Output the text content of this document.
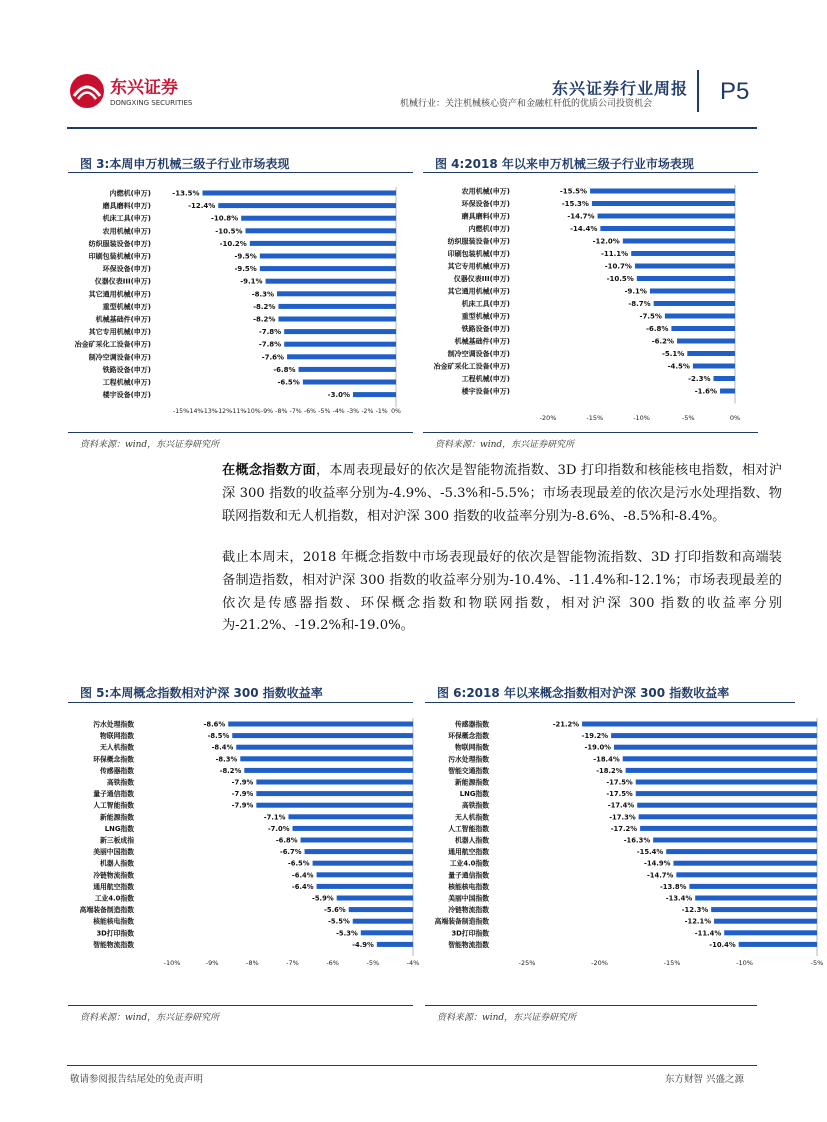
东兴证券
DONGXING SECURITIES
东兴证券行业周报
机械行业：关注机械核心资产和金融杠杆低的优质公司投资机会	P5
图 3:本周申万机械三级子行业市场表现
内燃机(申万)	-13.5%
磨具磨料(申万)	-12.4%
机床工具(申万)	-10.8%
农用机械(申万)	-10.5%
纺织服装设备(申万)	-10.2%
印刷包装机械(申万)	-9.5%
环保设备(申万)	-9.5%
仪器仪表III(申万)	-9.1%
其它通用机械(申万)	-8.3%
重型机械(申万)	-8.2%
机械基础件(申万)	-8.2%
其它专用机械(申万)	-7.8%
冶金矿采化工设备(申万)	-7.8%
制冷空调设备(申万)	-7.6%
铁路设备(申万)	-6.8%
工程机械(申万)	-6.5%
楼宇设备(申万)	-3.0%
-15%
-14%
-13%
-12%
-11%
-10% -9% -8% -7% -6% -5% -4% -3% -2% -1% 0%
资料来源：wind，东兴证券研究所
图 4:2018 年以来申万机械三级子行业市场表现
农用机械(申万)	-15.5%
环保设备(申万)	-15.3%
磨具磨料(申万)	-14.7%
内燃机(申万)	-14.4%
纺织服装设备(申万)	-12.0%
印刷包装机械(申万)	-11.1%
其它专用机械(申万)	-10.7%
仪器仪表III(申万)	-10.5%
其它通用机械(申万)	-9.1%
机床工具(申万)	-8.7%
重型机械(申万)	-7.5%
铁路设备(申万)	-6.8%
机械基础件(申万)	-6.2%
制冷空调设备(申万)	-5.1%
冶金矿采化工设备(申万)	-4.5%
工程机械(申万)	-2.3%
楼宇设备(申万)	-1.6%
-20%	-15%	-10%	-5%	0%
资料来源：wind，东兴证券研究所
在概念指数方面，本周表现最好的依次是智能物流指数、3D 打印指数和核能核电指数，相对沪深 300 指数的收益率分别为-4.9%、-5.3%和-5.5%；市场表现最差的依次是污水处理指数、物联网指数和无人机指数，相对沪深 300 指数的收益率分别为-8.6%、-8.5%和-8.4%。
截止本周末，2018 年概念指数中市场表现最好的依次是智能物流指数、3D 打印指数和高端装备制造指数，相对沪深 300 指数的收益率分别为-10.4%、-11.4%和-12.1%；市场表现最差的依次是传感器指数、环保概念指数和物联网指数，相对沪深 300 指数的收益率分别为-21.2%、-19.2%和-19.0%。
图 5:本周概念指数相对沪深 300 指数收益率
污水处理指数	-8.6%
物联网指数	-8.5%
无人机指数	-8.4%
环保概念指数	-8.3%
传感器指数	-8.2%
高铁指数	-7.9%
量子通信指数	-7.9%
人工智能指数	-7.9%
新能源指数	-7.1%
LNG指数	-7.0%
新三板成指	-6.8%
美丽中国指数	-6.7%
机器人指数	-6.5%
冷链物流指数	-6.4%
通用航空指数	-6.4%
工业4.0指数	-5.9%
高端装备制造指数	-5.6%
核能核电指数	-5.5%
3D打印指数	-5.3%
智能物流指数	-4.9%
-10%	-9%	-8%	-7%	-6%	-5%	-4%
资料来源：wind，东兴证券研究所
图 6:2018 年以来概念指数相对沪深 300 指数收益率
传感器指数	-21.2%
环保概念指数	-19.2%
物联网指数	-19.0%
污水处理指数	-18.4%
智能交通指数	-18.2%
新能源指数	-17.5%
LNG指数	-17.5%
高铁指数	-17.4%
无人机指数	-17.3%
人工智能指数	-17.2%
机器人指数	-16.3%
通用航空指数	-15.4%
工业4.0指数	-14.9%
量子通信指数	-14.7%
核能核电指数	-13.8%
美丽中国指数	-13.4%
冷链物流指数	-12.3%
高端装备制造指数	-12.1%
3D打印指数	-11.4%
智能物流指数	-10.4%
-25%	-20%	-15%	-10%	-5%
资料来源：wind，东兴证券研究所
敬请参阅报告结尾处的免责声明	东方财智 兴盛之源
